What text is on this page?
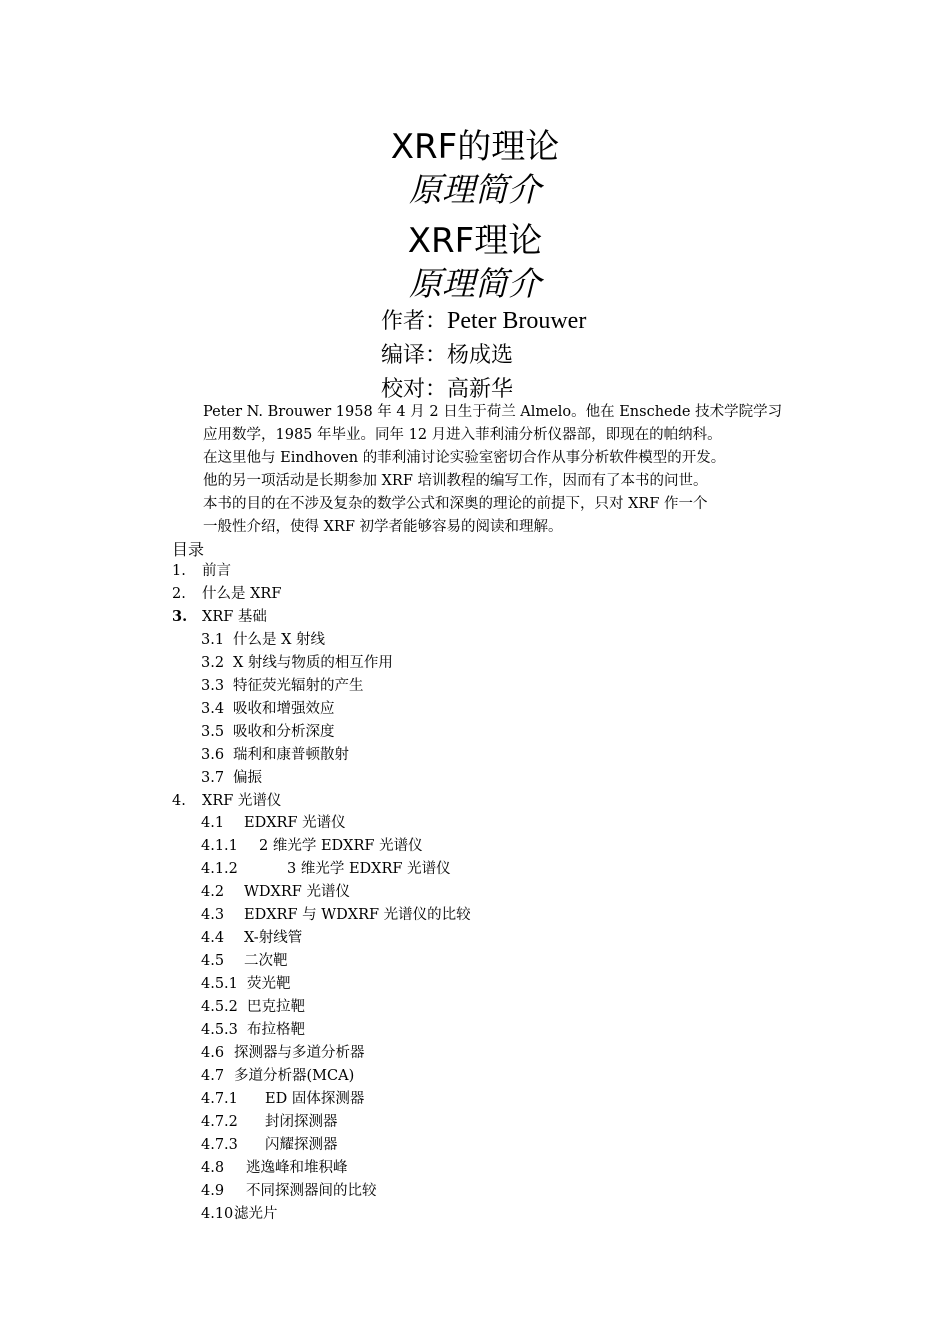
XRF的理论
原理简介
XRF理论
原理简介
作者：Peter Brouwer
编译：杨成选
校对：高新华
Peter N. Brouwer 1958 年 4 月 2 日生于荷兰 Almelo。他在 Enschede 技术学院学习
应用数学，1985 年毕业。同年 12 月进入菲利浦分析仪器部，即现在的帕纳科。
在这里他与 Eindhoven 的菲利浦讨论实验室密切合作从事分析软件模型的开发。
他的另一项活动是长期参加 XRF 培训教程的编写工作，因而有了本书的问世。
本书的目的在不涉及复杂的数学公式和深奥的理论的前提下，只对 XRF 作一个
一般性介绍，使得 XRF 初学者能够容易的阅读和理解。
目录
1. 前言
2. 什么是 XRF
3. XRF 基础
3.1 什么是 X 射线
3.2 X 射线与物质的相互作用
3.3 特征荧光辐射的产生
3.4 吸收和增强效应
3.5 吸收和分析深度
3.6 瑞利和康普顿散射
3.7 偏振
4. XRF 光谱仪
4.1 EDXRF 光谱仪
4.1.1 2 维光学 EDXRF 光谱仪
4.1.2	3 维光学 EDXRF 光谱仪
4.2 WDXRF 光谱仪
4.3 EDXRF 与 WDXRF 光谱仪的比较
4.4 X-射线管
4.5 二次靶
4.5.1 荧光靶
4.5.2 巴克拉靶
4.5.3 布拉格靶
4.6 探测器与多道分析器
4.7 多道分析器(MCA)
4.7.1 ED 固体探测器
4.7.2 封闭探测器
4.7.3 闪耀探测器
4.8 逃逸峰和堆积峰
4.9 不同探测器间的比较
4.10 滤光片
